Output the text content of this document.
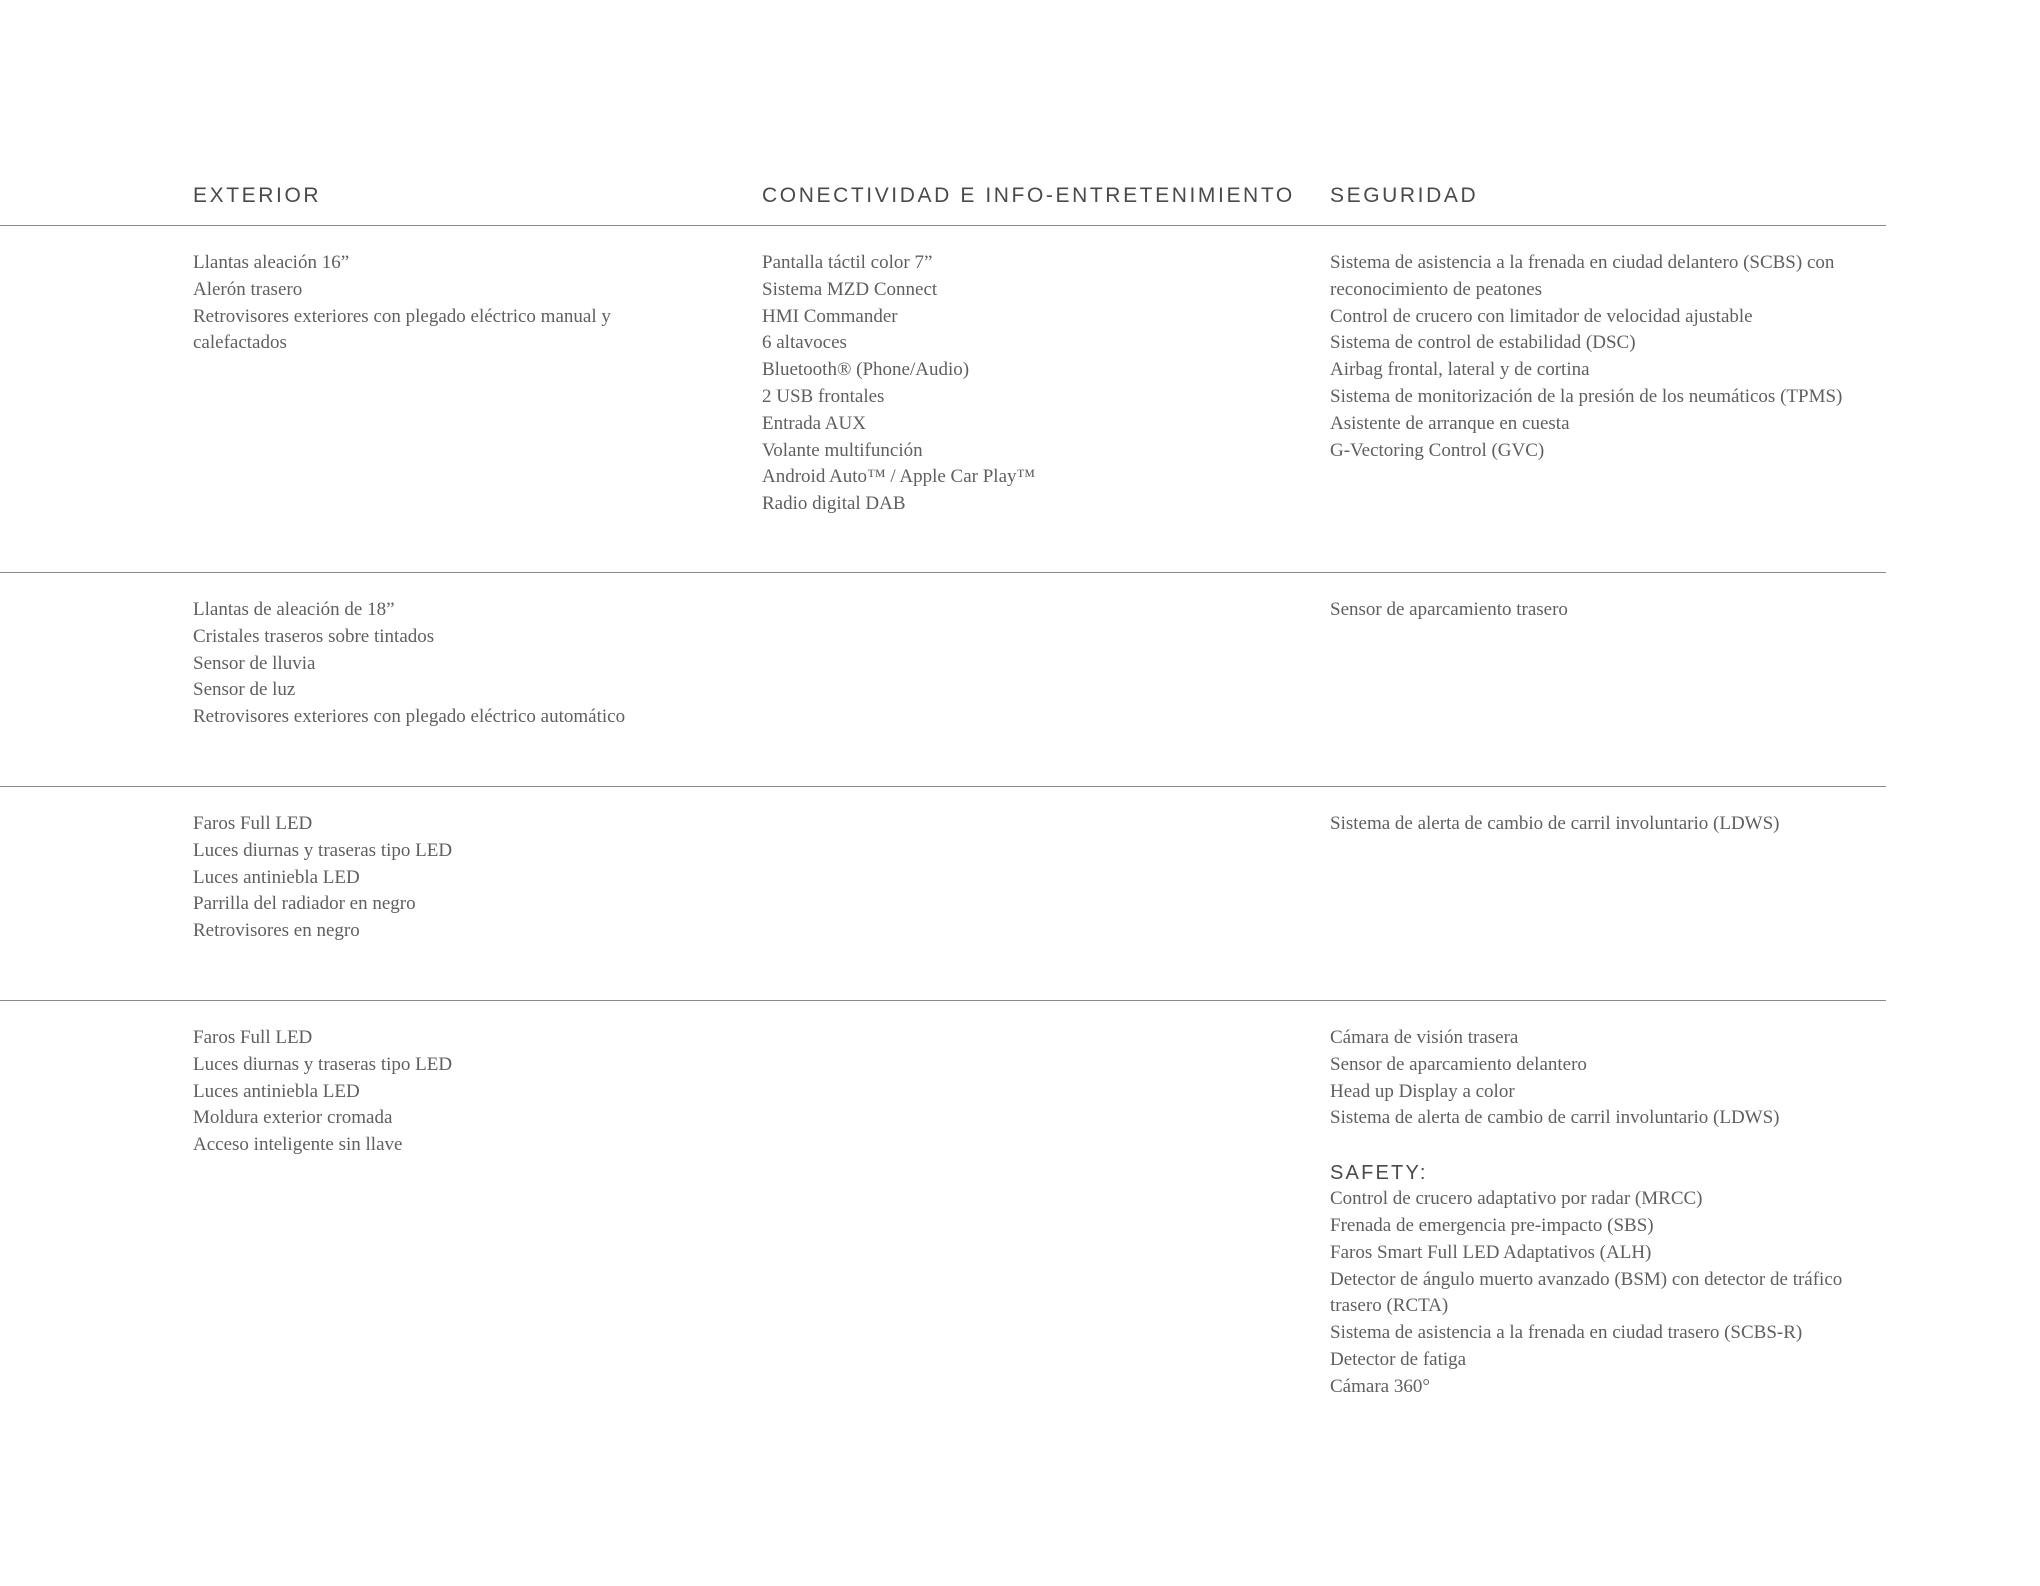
EXTERIOR	CONECTIVIDAD E INFO-ENTRETENIMIENTO SEGURIDAD
Llantas aleación 16”
Alerón trasero
Retrovisores exteriores con plegado eléctrico manual y calefactados
Pantalla táctil color 7”
Sistema MZD Connect
HMI Commander
6 altavoces
Bluetooth® (Phone/Audio)
2 USB frontales
Entrada AUX
Volante multifunción
Android Auto™ / Apple Car Play™
Radio digital DAB
Sistema de asistencia a la frenada en ciudad delantero (SCBS) con reconocimiento de peatones
Control de crucero con limitador de velocidad ajustable
Sistema de control de estabilidad (DSC)
Airbag frontal, lateral y de cortina
Sistema de monitorización de la presión de los neumáticos (TPMS)
Asistente de arranque en cuesta
G-Vectoring Control (GVC)
Llantas de aleación de 18”
Cristales traseros sobre tintados
Sensor de lluvia
Sensor de luz
Retrovisores exteriores con plegado eléctrico automático
Sensor de aparcamiento trasero
Faros Full LED
Luces diurnas y traseras tipo LED
Luces antiniebla LED
Parrilla del radiador en negro
Retrovisores en negro
Sistema de alerta de cambio de carril involuntario (LDWS)
Faros Full LED
Luces diurnas y traseras tipo LED
Luces antiniebla LED
Moldura exterior cromada
Acceso inteligente sin llave
Cámara de visión trasera
Sensor de aparcamiento delantero
Head up Display a color
Sistema de alerta de cambio de carril involuntario (LDWS)
SAFETY:
Control de crucero adaptativo por radar (MRCC)
Frenada de emergencia pre-impacto (SBS)
Faros Smart Full LED Adaptativos (ALH)
Detector de ángulo muerto avanzado (BSM) con detector de tráfico trasero (RCTA)
Sistema de asistencia a la frenada en ciudad trasero (SCBS-R)
Detector de fatiga
Cámara 360°
